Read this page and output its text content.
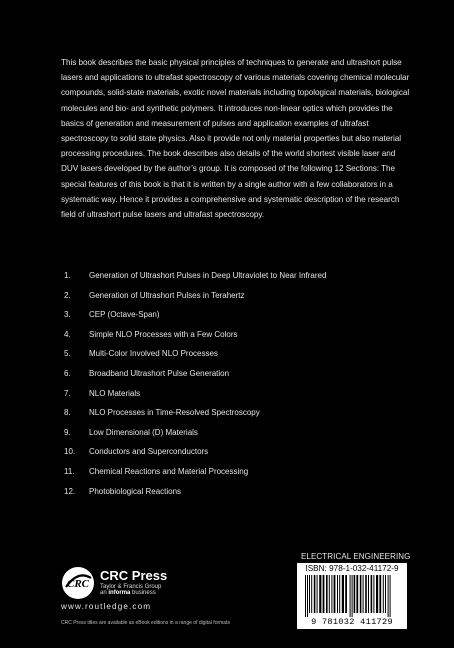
This book describes the basic physical principles of techniques to generate and ultrashort pulse lasers and applications to ultrafast spectroscopy of various materials covering chemical molecular compounds, solid-state materials, exotic novel materials including topological materials, biological molecules and bio- and synthetic polymers. It introduces non-linear optics which provides the basics of generation and measurement of pulses and application examples of ultrafast spectroscopy to solid state physics. Also it provide not only material properties but also material processing procedures. The book describes also details of the world shortest visible laser and DUV lasers developed by the author’s group. It is composed of the following 12 Sections: The special features of this book is that it is written by a single author with a few collaborators in a systematic way. Hence it provides a comprehensive and systematic description of the research field of ultrashort pulse lasers and ultrafast spectroscopy.

1.	Generation of Ultrashort Pulses in Deep Ultraviolet to Near Infrared
2.	Generation of Ultrashort Pulses in Terahertz
3.	CEP (Octave-Span)
4.	Simple NLO Processes with a Few Colors
5.	Multi-Color Involved NLO Processes
6.	Broadband Ultrashort Pulse Generation
7.	NLO Materials
8.	NLO Processes in Time-Resolved Spectroscopy
9.	Low Dimensional (D) Materials
10.	Conductors and Superconductors
11.	Chemical Reactions and Material Processing
12.	Photobiological Reactions
CRC
CRC Press
Taylor & Francis Group
an informa business
www.routledge.com
CRC Press titles are available as eBook editions in a range of digital formats
ELECTRICAL ENGINEERING
ISBN: 978-1-032-41172-9
9 781032 411729
